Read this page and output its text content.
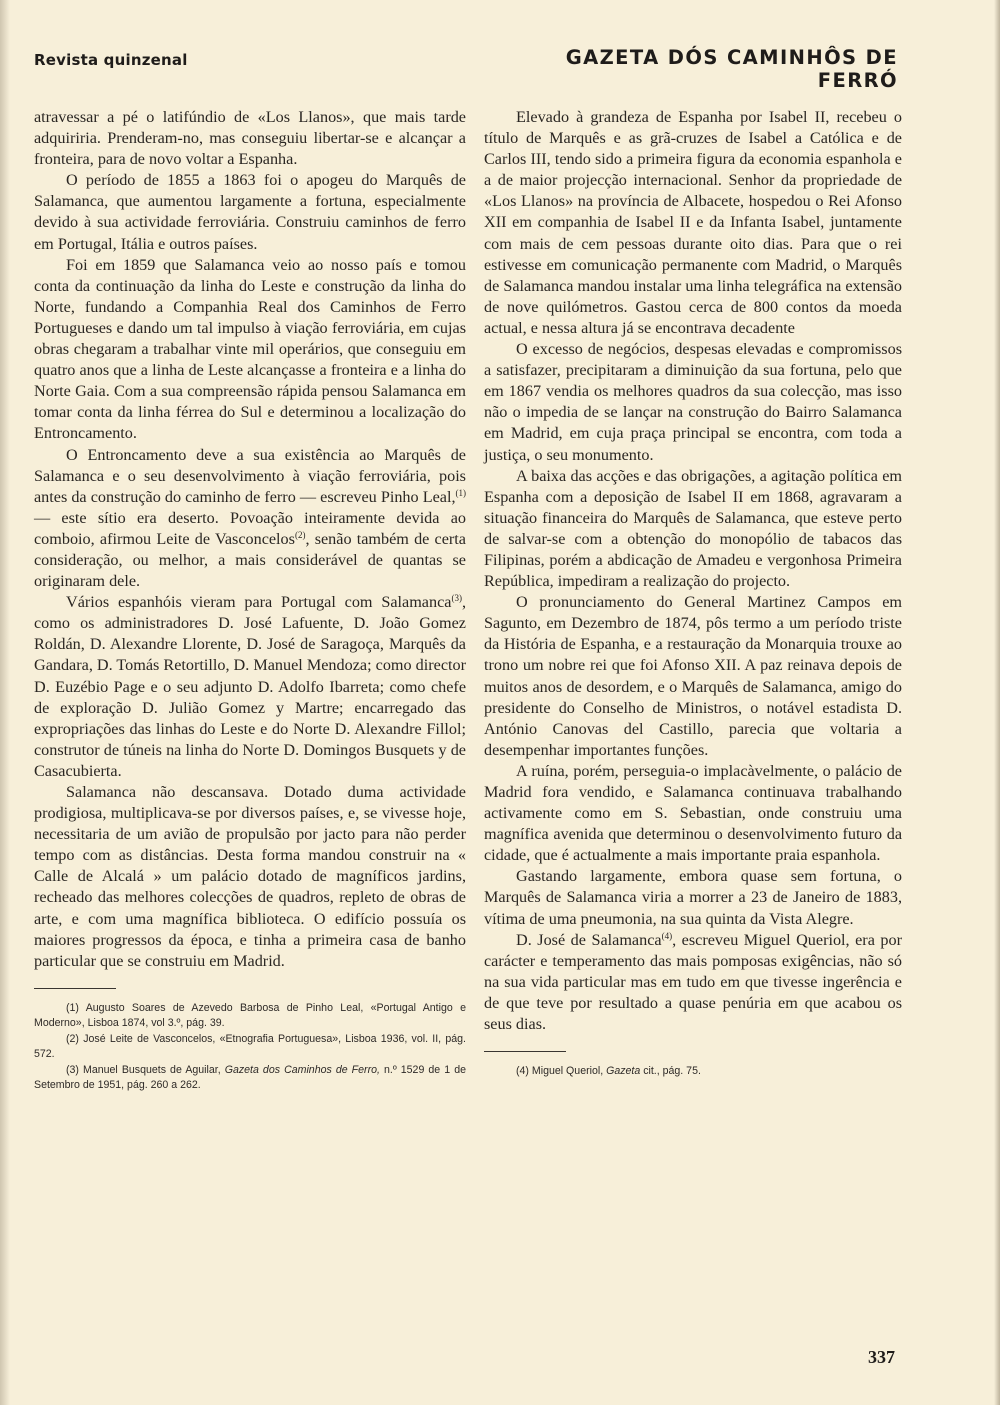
Revista quinzenal	GAZETA DÓS CAMINHÔS DE FERRÓ

atravessar a pé o latifúndio de «Los Llanos», que mais tarde adquiriria. Prenderam-no, mas conseguiu libertar-se e alcançar a fronteira, para de novo voltar a Espanha.

O período de 1855 a 1863 foi o apogeu do Marquês de Salamanca, que aumentou largamente a fortuna, especialmente devido à sua actividade ferroviária. Construiu caminhos de ferro em Portugal, Itália e outros países.

Foi em 1859 que Salamanca veio ao nosso país e tomou conta da continuação da linha do Leste e construção da linha do Norte, fundando a Companhia Real dos Caminhos de Ferro Portugueses e dando um tal impulso à viação ferroviária, em cujas obras chegaram a trabalhar vinte mil operários, que conseguiu em quatro anos que a linha de Leste alcançasse a fronteira e a linha do Norte Gaia. Com a sua compreensão rápida pensou Salamanca em tomar conta da linha férrea do Sul e determinou a localização do Entroncamento.

O Entroncamento deve a sua existência ao Marquês de Salamanca e o seu desenvolvimento à viação ferroviária, pois antes da construção do caminho de ferro — escreveu Pinho Leal,$^{(1)}$ — este sítio era deserto. Povoação inteiramente devida ao comboio, afirmou Leite de Vasconcelos$^{(2)}$, senão também de certa consideração, ou melhor, a mais considerável de quantas se originaram dele.

Vários espanhóis vieram para Portugal com Salamanca$^{(3)}$, como os administradores D. José Lafuente, D. João Gomez Roldán, D. Alexandre Llorente, D. José de Saragoça, Marquês da Gandara, D. Tomás Retortillo, D. Manuel Mendoza; como director D. Euzébio Page e o seu adjunto D. Adolfo Ibarreta; como chefe de exploração D. Julião Gomez y Martre; encarregado das expropriações das linhas do Leste e do Norte D. Alexandre Fillol; construtor de túneis na linha do Norte D. Domingos Busquets y de Casacubierta.

Salamanca não descansava. Dotado duma actividade prodigiosa, multiplicava-se por diversos países, e, se vivesse hoje, necessitaria de um avião de propulsão por jacto para não perder tempo com as distâncias. Desta forma mandou construir na « Calle de Alcalá » um palácio dotado de magníficos jardins, recheado das melhores colecções de quadros, repleto de obras de arte, e com uma magnífica biblioteca. O edifício possuía os maiores progressos da época, e tinha a primeira casa de banho particular que se construiu em Madrid.

(1) Augusto Soares de Azevedo Barbosa de Pinho Leal, «Portugal Antigo e Moderno», Lisboa 1874, vol 3.º, pág. 39.

(2) José Leite de Vasconcelos, «Etnografia Portuguesa», Lisboa 1936, vol. II, pág. 572.

(3) Manuel Busquets de Aguilar, Gazeta dos Caminhos de Ferro, n.º 1529 de 1 de Setembro de 1951, pág. 260 a 262.

Elevado à grandeza de Espanha por Isabel II, recebeu o título de Marquês e as grã-cruzes de Isabel a Católica e de Carlos III, tendo sido a primeira figura da economia espanhola e a de maior projecção internacional. Senhor da propriedade de «Los Llanos» na província de Albacete, hospedou o Rei Afonso XII em companhia de Isabel II e da Infanta Isabel, juntamente com mais de cem pessoas durante oito dias. Para que o rei estivesse em comunicação permanente com Madrid, o Marquês de Salamanca mandou instalar uma linha telegráfica na extensão de nove quilómetros. Gastou cerca de 800 contos da moeda actual, e nessa altura já se encontrava decadente

O excesso de negócios, despesas elevadas e compromissos a satisfazer, precipitaram a diminuição da sua fortuna, pelo que em 1867 vendia os melhores quadros da sua colecção, mas isso não o impedia de se lançar na construção do Bairro Salamanca em Madrid, em cuja praça principal se encontra, com toda a justiça, o seu monumento.

A baixa das acções e das obrigações, a agitação política em Espanha com a deposição de Isabel II em 1868, agravaram a situação financeira do Marquês de Salamanca, que esteve perto de salvar-se com a obtenção do monopólio de tabacos das Filipinas, porém a abdicação de Amadeu e vergonhosa Primeira República, impediram a realização do projecto.

O pronunciamento do General Martinez Campos em Sagunto, em Dezembro de 1874, pôs termo a um período triste da História de Espanha, e a restauração da Monarquia trouxe ao trono um nobre rei que foi Afonso XII. A paz reinava depois de muitos anos de desordem, e o Marquês de Salamanca, amigo do presidente do Conselho de Ministros, o notável estadista D. António Canovas del Castillo, parecia que voltaria a desempenhar importantes funções.

A ruína, porém, perseguia-o implacàvelmente, o palácio de Madrid fora vendido, e Salamanca continuava trabalhando activamente como em S. Sebastian, onde construiu uma magnífica avenida que determinou o desenvolvimento futuro da cidade, que é actualmente a mais importante praia espanhola.

Gastando largamente, embora quase sem fortuna, o Marquês de Salamanca viria a morrer a 23 de Janeiro de 1883, vítima de uma pneumonia, na sua quinta da Vista Alegre.

D. José de Salamanca$^{(4)}$, escreveu Miguel Queriol, era por carácter e temperamento das mais pomposas exigências, não só na sua vida particular mas em tudo em que tivesse ingerência e de que teve por resultado a quase penúria em que acabou os seus dias.

(4) Miguel Queriol, Gazeta cit., pág. 75.

337
